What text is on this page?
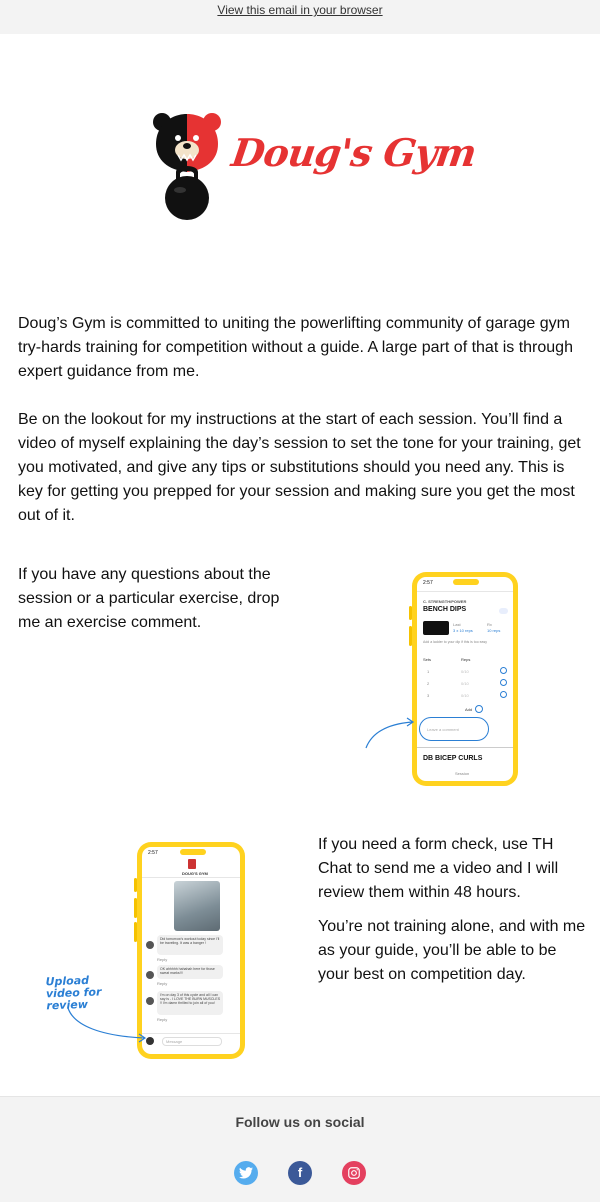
View this email in your browser
Doug's Gym

Doug’s Gym is committed to uniting the powerlifting community of garage gym try-hards training for competition without a guide. A large part of that is through expert guidance from me.

Be on the lookout for my instructions at the start of each session. You’ll find a video of myself explaining the day’s session to set the tone for your training, get you motivated, and give any tips or substitutions should you need any. This is key for getting you prepped for your session and making sure you get the most out of it.

If you have any questions about the session or a particular exercise, drop me an exercise comment.

2:57
C. STRENGTH/POWER
BENCH DIPS
Last
3 x 10 reps
Rx
10 reps
Add a ladder to your dip if this is too easy
Sets	Reps
1	0/10
2	0/10
3	0/10
Add
Leave a comment
DB BICEP CURLS
Session
2:57
DOUG'S GYM
Did tomorrow's workout today since I'll be traveling. It was a banger !
Reply
OK ahhhhh hahahah here for those sweat marks!!!
Reply
I'm on day 3 of this cycle and all I can say is - I LOVE THE BURN MUSCLES !! I'm damn thrilled to join all of you!
Reply
Message
Upload video for review

If you need a form check, use TH Chat to send me a video and I will review them within 48 hours.

You’re not training alone, and with me as your guide, you’ll be able to be your best on competition day.

Follow us on social
f
